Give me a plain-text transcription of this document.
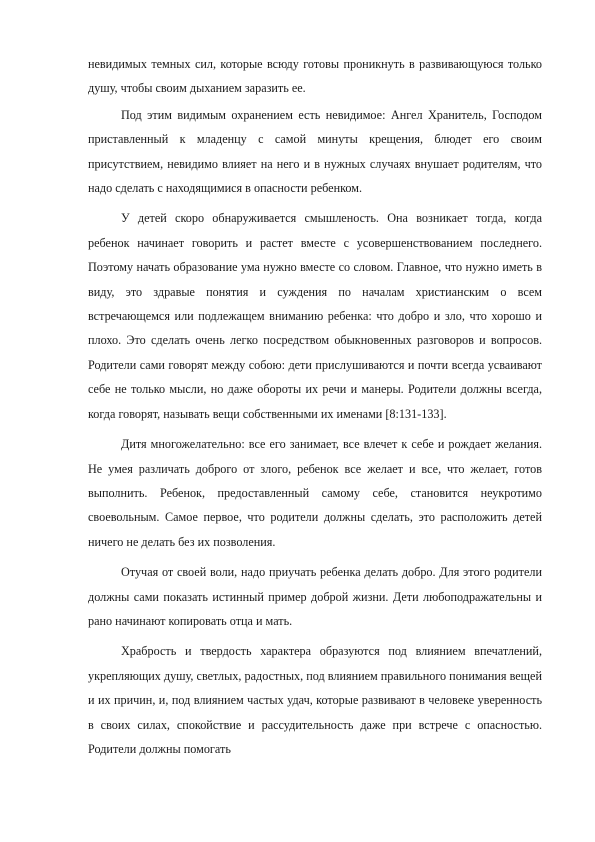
невидимых темных сил, которые всюду готовы проникнуть в развивающуюся только душу, чтобы своим дыханием заразить ее.

Под этим видимым охранением есть невидимое: Ангел Хранитель, Господом приставленный к младенцу с самой минуты крещения, блюдет его своим присутствием, невидимо влияет на него и в нужных случаях внушает родителям, что надо сделать с находящимися в опасности ребенком.

У детей скоро обнаруживается смышленость. Она возникает тогда, когда ребенок начинает говорить и растет вместе с усовершенствованием последнего. Поэтому начать образование ума нужно вместе со словом. Главное, что нужно иметь в виду, это здравые понятия и суждения по началам христианским о всем встречающемся или подлежащем вниманию ребенка: что добро и зло, что хорошо и плохо. Это сделать очень легко посредством обыкновенных разговоров и вопросов. Родители сами говорят между собою: дети прислушиваются и почти всегда усваивают себе не только мысли, но даже обороты их речи и манеры. Родители должны всегда, когда говорят, называть вещи собственными их именами [8:131-133].

Дитя многожелательно: все его занимает, все влечет к себе и рождает желания. Не умея различать доброго от злого, ребенок все желает и все, что желает, готов выполнить. Ребенок, предоставленный самому себе, становится неукротимо своевольным. Самое первое, что родители должны сделать, это расположить детей ничего не делать без их позволения.

Отучая от своей воли, надо приучать ребенка делать добро. Для этого родители должны сами показать истинный пример доброй жизни. Дети любоподражательны и рано начинают копировать отца и мать.

Храбрость и твердость характера образуются под влиянием впечатлений, укрепляющих душу, светлых, радостных, под влиянием правильного понимания вещей и их причин, и, под влиянием частых удач, которые развивают в человеке уверенность в своих силах, спокойствие и рассудительность даже при встрече с опасностью. Родители должны помогать
